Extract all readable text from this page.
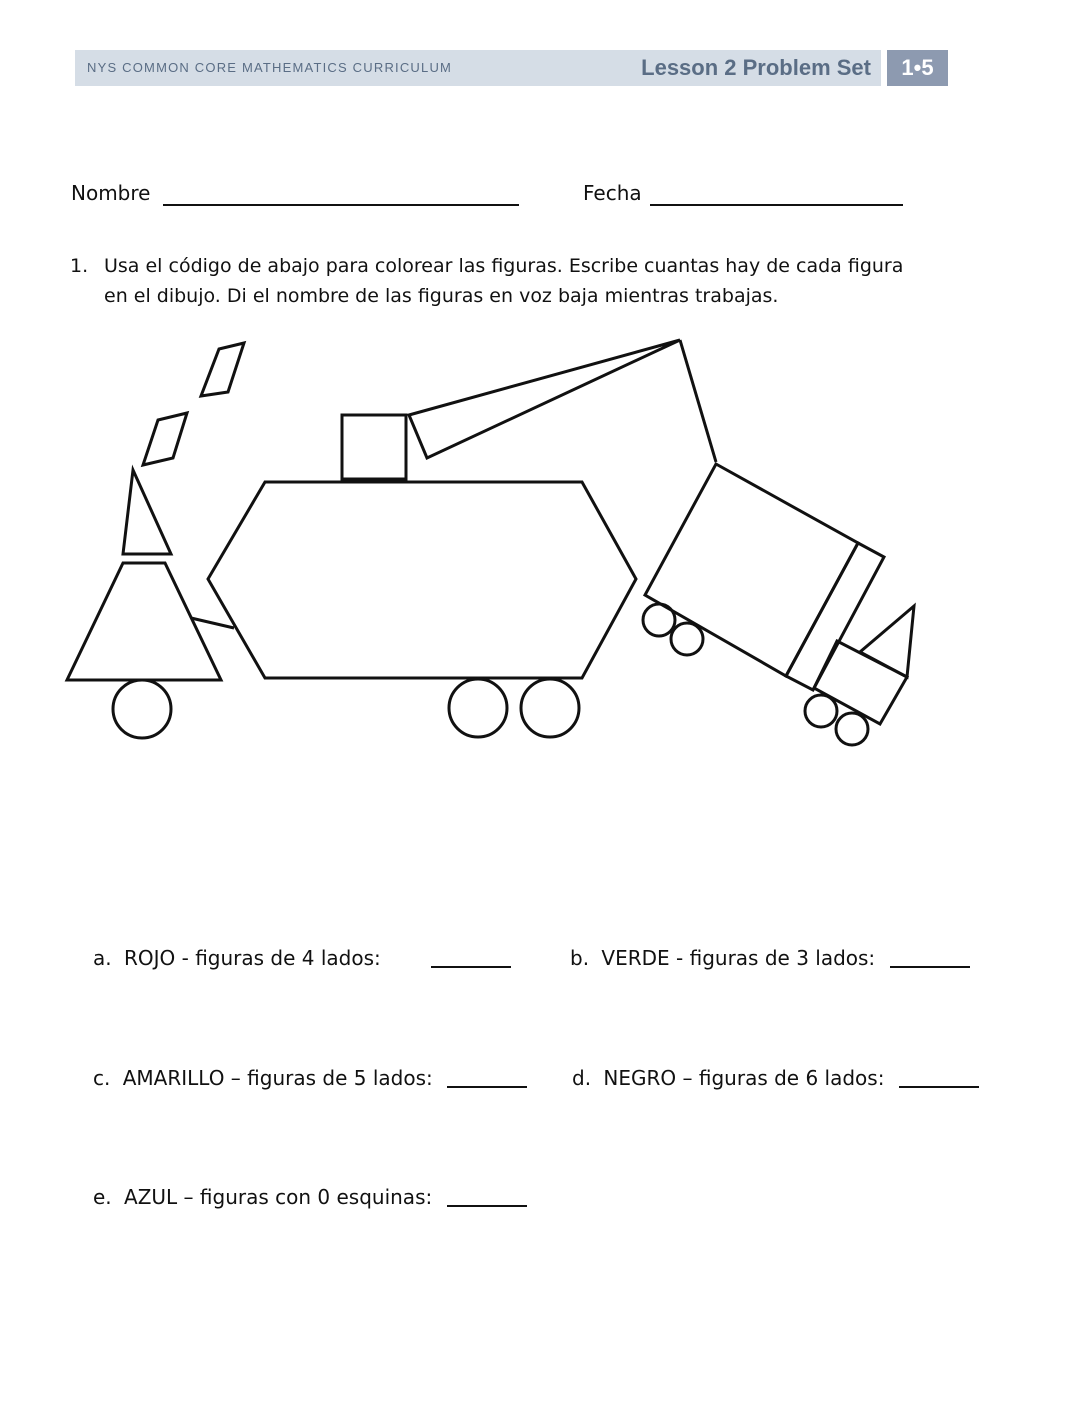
NYS COMMON CORE MATHEMATICS CURRICULUM	Lesson 2 Problem Set	1•5
Nombre	Fecha
1. Usa el código de abajo para colorear las figuras. Escribe cuantas hay de cada figura
en el dibujo. Di el nombre de las figuras en voz baja mientras trabajas.
a. ROJO - figuras de 4 lados:	b. VERDE - figuras de 3 lados:
c. AMARILLO – figuras de 5 lados:	d. NEGRO – figuras de 6 lados:
e. AZUL – figuras con 0 esquinas:
